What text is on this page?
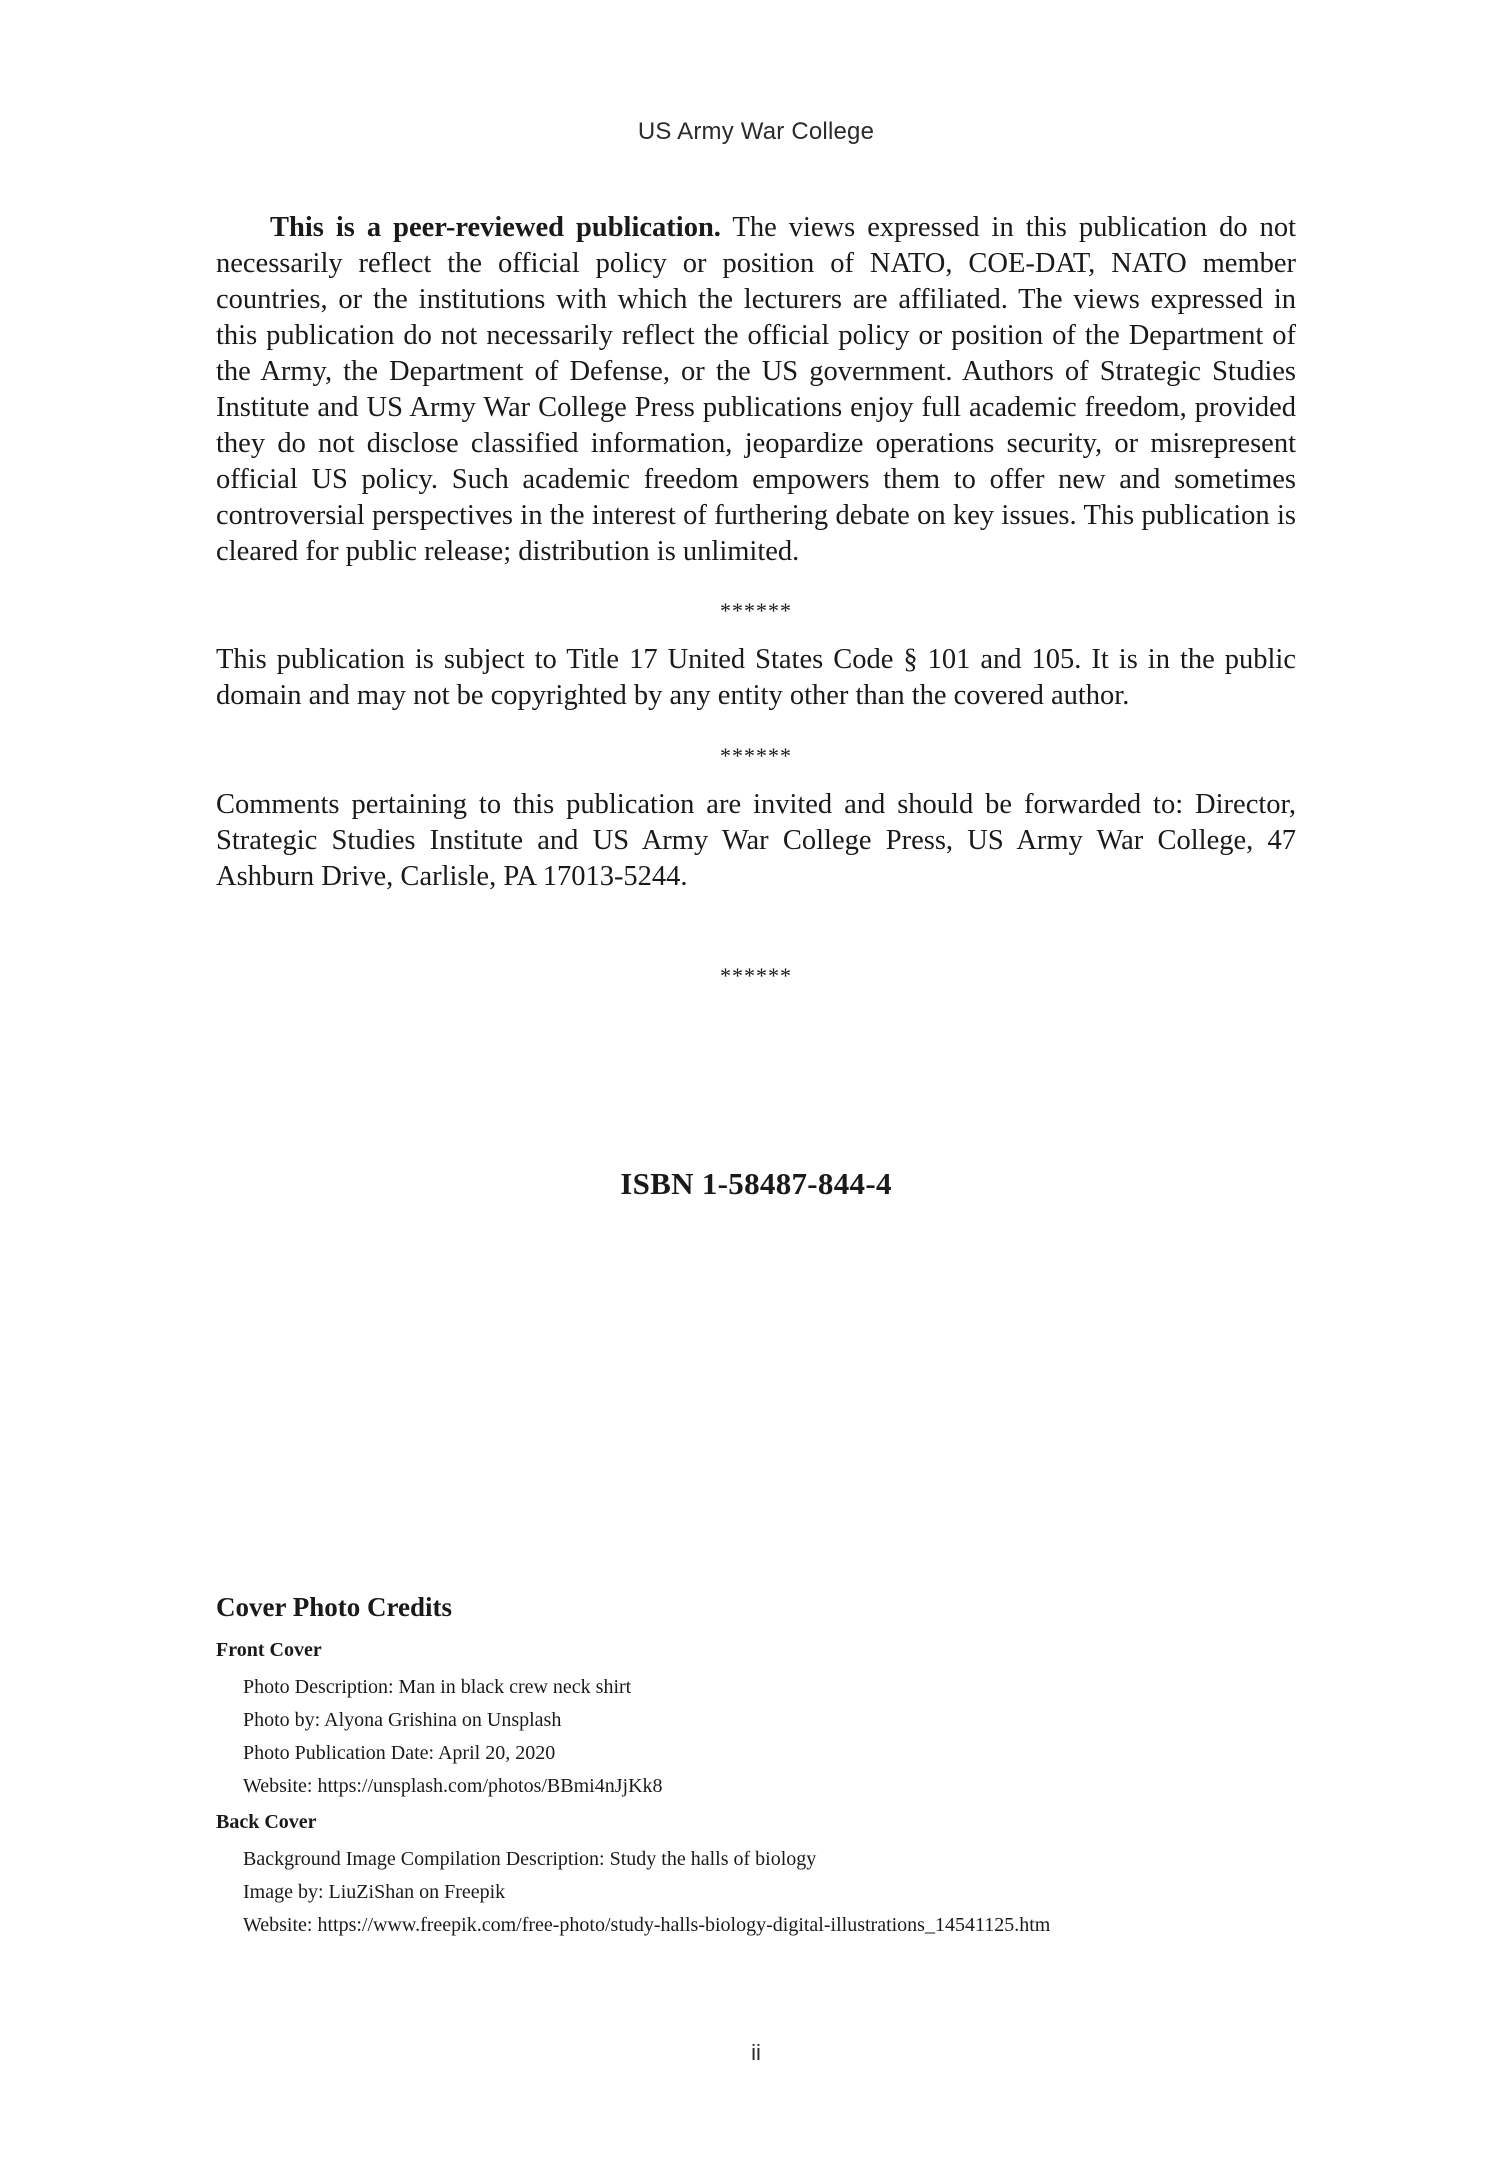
US Army War College

This is a peer-reviewed publication. The views expressed in this publication do not necessarily reflect the official policy or position of NATO, COE-DAT, NATO member countries, or the institutions with which the lecturers are affiliated. The views expressed in this publication do not necessarily reflect the official policy or position of the Department of the Army, the Department of Defense, or the US government. Authors of Strategic Studies Institute and US Army War College Press publications enjoy full academic freedom, provided they do not disclose classified information, jeopardize operations security, or misrepresent official US policy. Such academic freedom empowers them to offer new and sometimes controversial perspectives in the interest of furthering debate on key issues. This publication is cleared for public release; distribution is unlimited.

******

This publication is subject to Title 17 United States Code § 101 and 105. It is in the public domain and may not be copyrighted by any entity other than the covered author.

******

Comments pertaining to this publication are invited and should be forwarded to: Director, Strategic Studies Institute and US Army War College Press, US Army War College, 47 Ashburn Drive, Carlisle, PA 17013-5244.

******

ISBN 1-58487-844-4

Cover Photo Credits

Front Cover

Photo Description: Man in black crew neck shirt

Photo by: Alyona Grishina on Unsplash

Photo Publication Date: April 20, 2020

Website: https://unsplash.com/photos/BBmi4nJjKk8

Back Cover

Background Image Compilation Description: Study the halls of biology

Image by: LiuZiShan on Freepik

Website: https://www.freepik.com/free-photo/study-halls-biology-digital-illustrations_14541125.htm

ii
